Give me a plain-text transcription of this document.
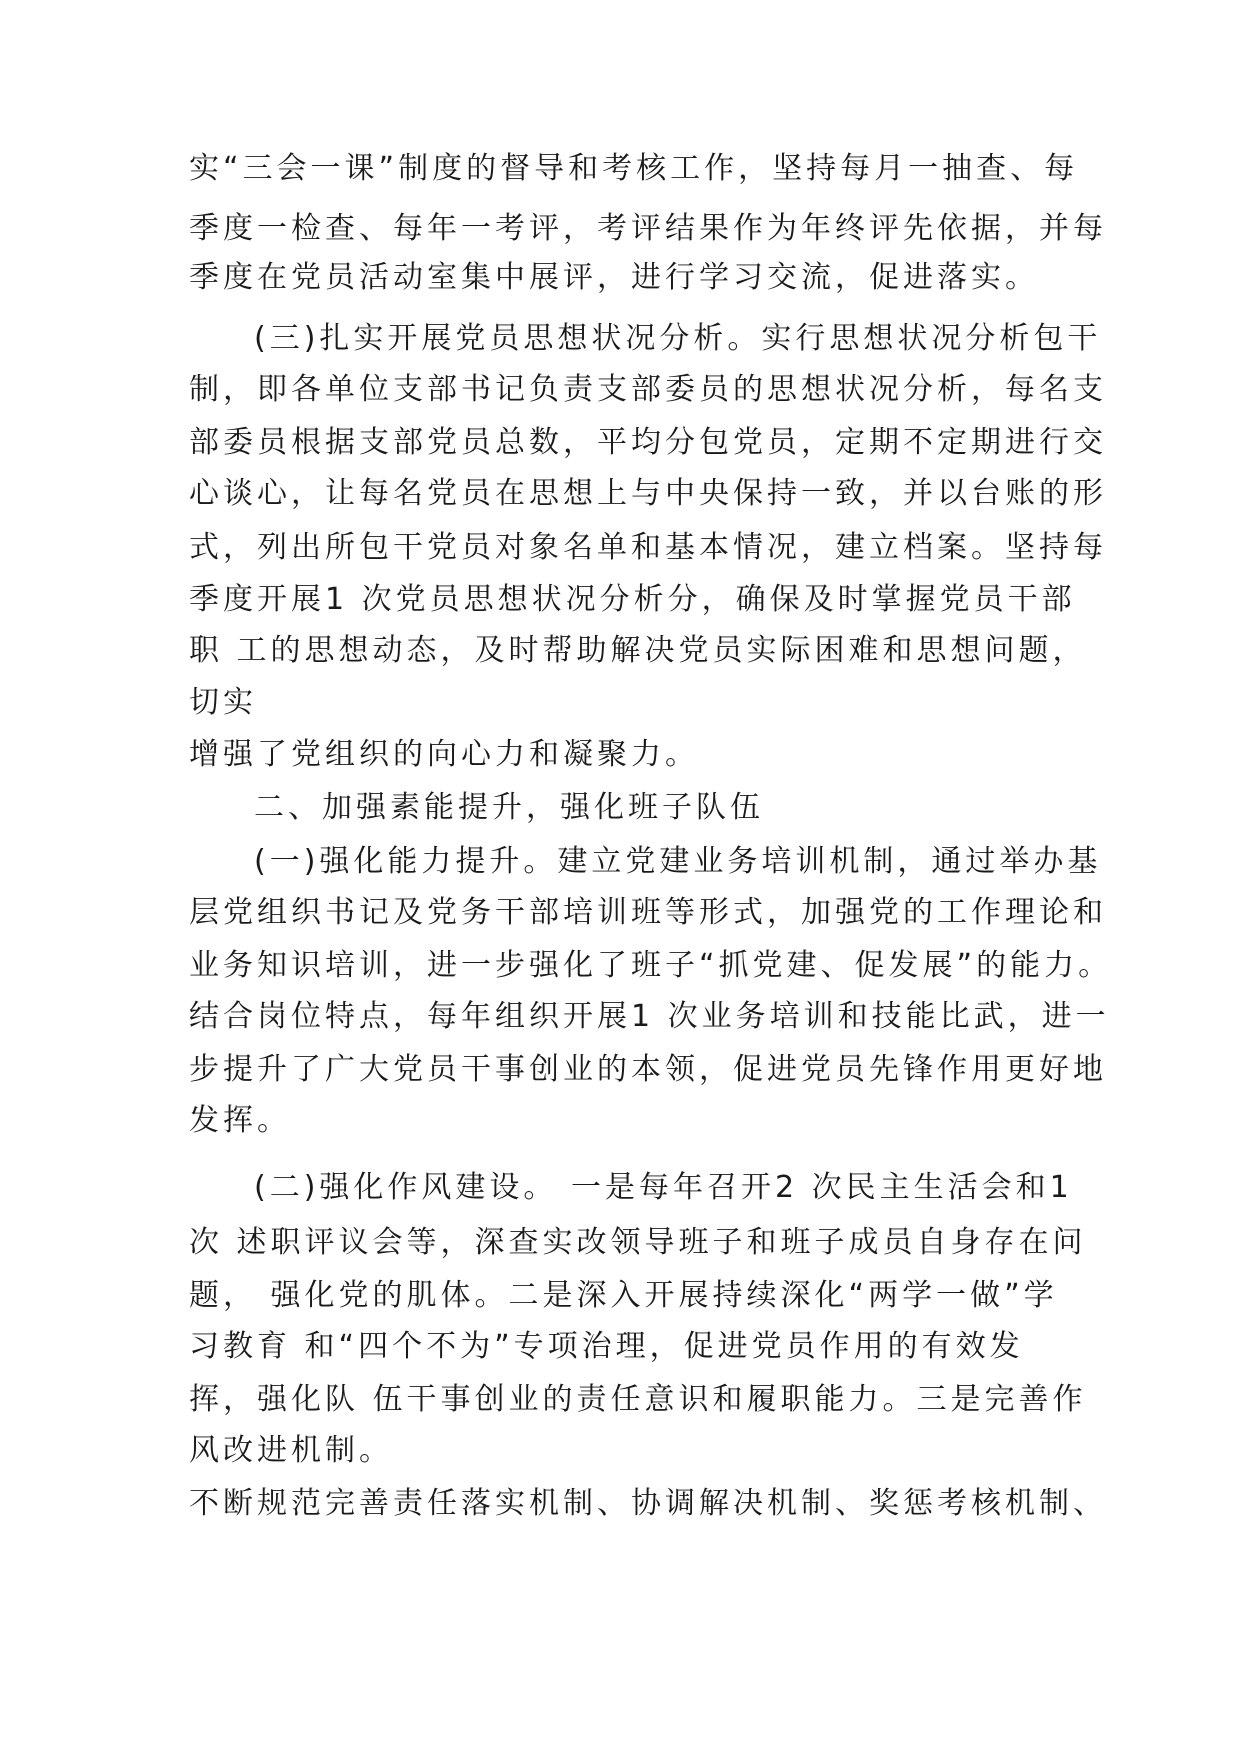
实“三会一课”制度的督导和考核工作，坚持每月一抽查、每

季度一检查、每年一考评，考评结果作为年终评先依据，并每

季度在党员活动室集中展评，进行学习交流，促进落实。

(三)扎实开展党员思想状况分析。实行思想状况分析包干

制，即各单位支部书记负责支部委员的思想状况分析，每名支

部委员根据支部党员总数，平均分包党员，定期不定期进行交

心谈心，让每名党员在思想上与中央保持一致，并以台账的形

式，列出所包干党员对象名单和基本情况，建立档案。坚持每

季度开展1 次党员思想状况分析分，确保及时掌握党员干部

职 工的思想动态，及时帮助解决党员实际困难和思想问题，

切实

增强了党组织的向心力和凝聚力。

二、加强素能提升，强化班子队伍

(一)强化能力提升。建立党建业务培训机制，通过举办基

层党组织书记及党务干部培训班等形式，加强党的工作理论和

业务知识培训，进一步强化了班子“抓党建、促发展”的能力。

结合岗位特点，每年组织开展1 次业务培训和技能比武，进一

步提升了广大党员干事创业的本领，促进党员先锋作用更好地

发挥。

(二)强化作风建设。 一是每年召开2 次民主生活会和1

次 述职评议会等，深查实改领导班子和班子成员自身存在问

题， 强化党的肌体。二是深入开展持续深化“两学一做”学

习教育 和“四个不为”专项治理，促进党员作用的有效发

挥，强化队 伍干事创业的责任意识和履职能力。三是完善作

风改进机制。

不断规范完善责任落实机制、协调解决机制、奖惩考核机制、
